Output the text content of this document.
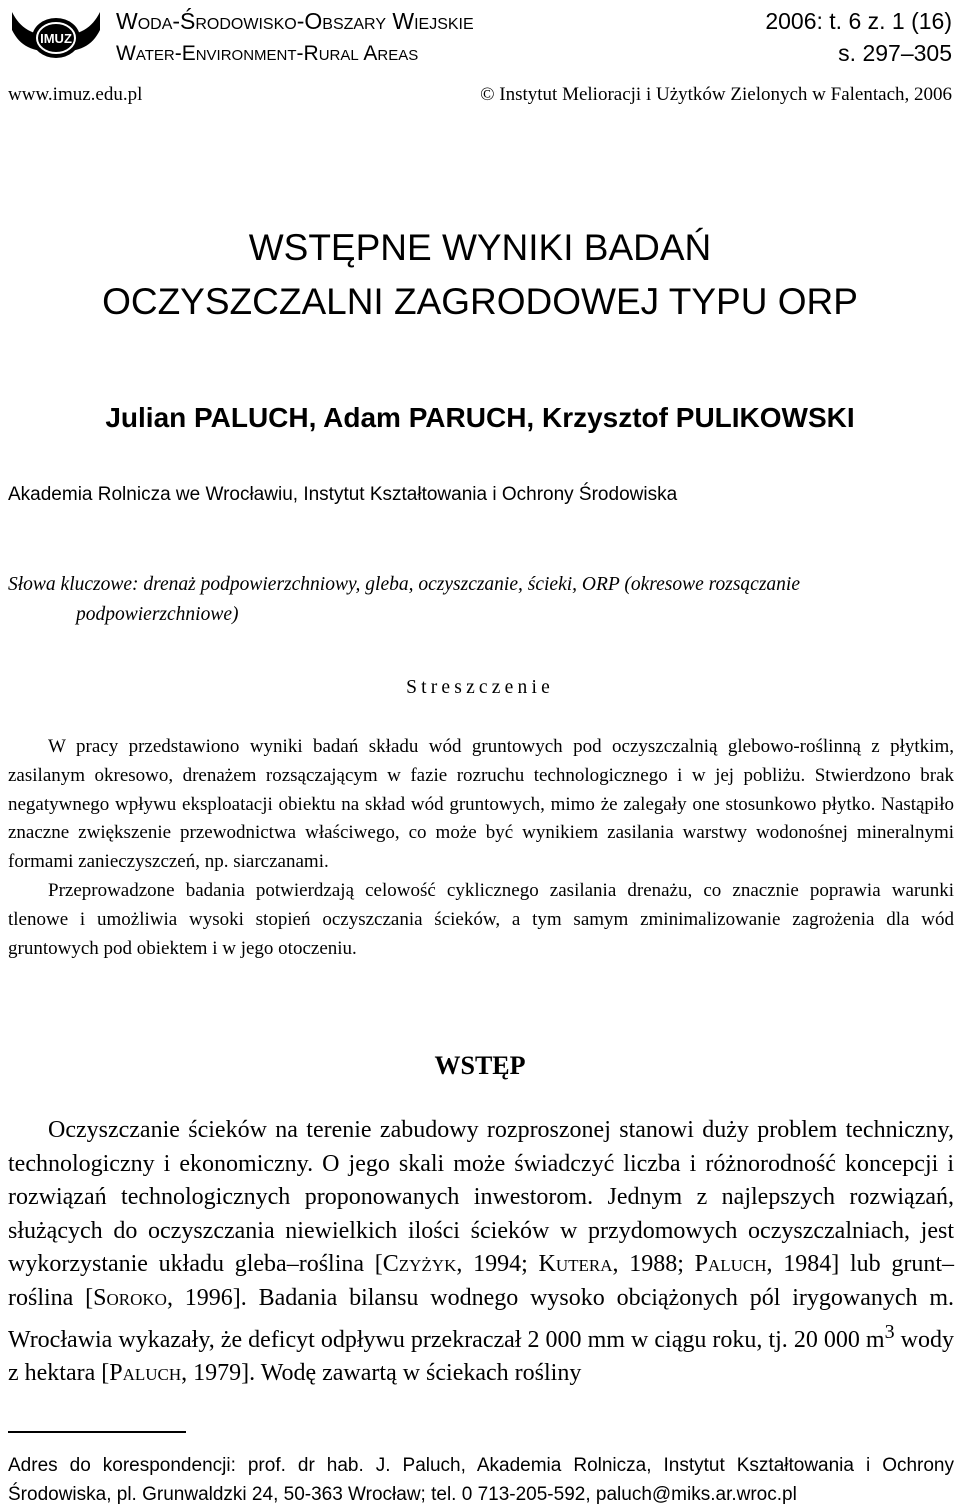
IMUZ
Woda-Środowisko-Obszary Wiejskie	2006: t. 6 z. 1 (16)
Water-Environment-Rural Areas	s. 297–305
www.imuz.edu.pl	© Instytut Melioracji i Użytków Zielonych w Falentach, 2006
WSTĘPNE WYNIKI BADAŃ
OCZYSZCZALNI ZAGRODOWEJ TYPU ORP
Julian PALUCH, Adam PARUCH, Krzysztof PULIKOWSKI
Akademia Rolnicza we Wrocławiu, Instytut Kształtowania i Ochrony Środowiska
Słowa kluczowe: drenaż podpowierzchniowy, gleba, oczyszczanie, ścieki, ORP (okresowe rozsączanie podpowierzchniowe)
Streszczenie

W pracy przedstawiono wyniki badań składu wód gruntowych pod oczyszczalnią glebowo-roślinną z płytkim, zasilanym okresowo, drenażem rozsączającym w fazie rozruchu technologicznego i w jej pobliżu. Stwierdzono brak negatywnego wpływu eksploatacji obiektu na skład wód gruntowych, mimo że zalegały one stosunkowo płytko. Nastąpiło znaczne zwiększenie przewodnictwa właściwego, co może być wynikiem zasilania warstwy wodonośnej mineralnymi formami zanieczyszczeń, np. siarczanami.

Przeprowadzone badania potwierdzają celowość cyklicznego zasilania drenażu, co znacznie poprawia warunki tlenowe i umożliwia wysoki stopień oczyszczania ścieków, a tym samym zminimalizowanie zagrożenia dla wód gruntowych pod obiektem i w jego otoczeniu.

WSTĘP

Oczyszczanie ścieków na terenie zabudowy rozproszonej stanowi duży problem techniczny, technologiczny i ekonomiczny. O jego skali może świadczyć liczba i różnorodność koncepcji i rozwiązań technologicznych proponowanych inwestorom. Jednym z najlepszych rozwiązań, służących do oczyszczania niewielkich ilości ścieków w przydomowych oczyszczalniach, jest wykorzystanie układu gleba–roślina [Czyżyk, 1994; Kutera, 1988; Paluch, 1984] lub grunt–roślina [Soroko, 1996]. Badania bilansu wodnego wysoko obciążonych pól irygowanych m. Wrocławia wykazały, że deficyt odpływu przekraczał 2 000 mm w ciągu roku, tj. 20 000 $m^3$ wody z hektara [Paluch, 1979]. Wodę zawartą w ściekach rośliny

Adres do korespondencji: prof. dr hab. J. Paluch, Akademia Rolnicza, Instytut Kształtowania i Ochrony Środowiska, pl. Grunwaldzki 24, 50-363 Wrocław; tel. 0 713-205-592, paluch@miks.ar.wroc.pl
